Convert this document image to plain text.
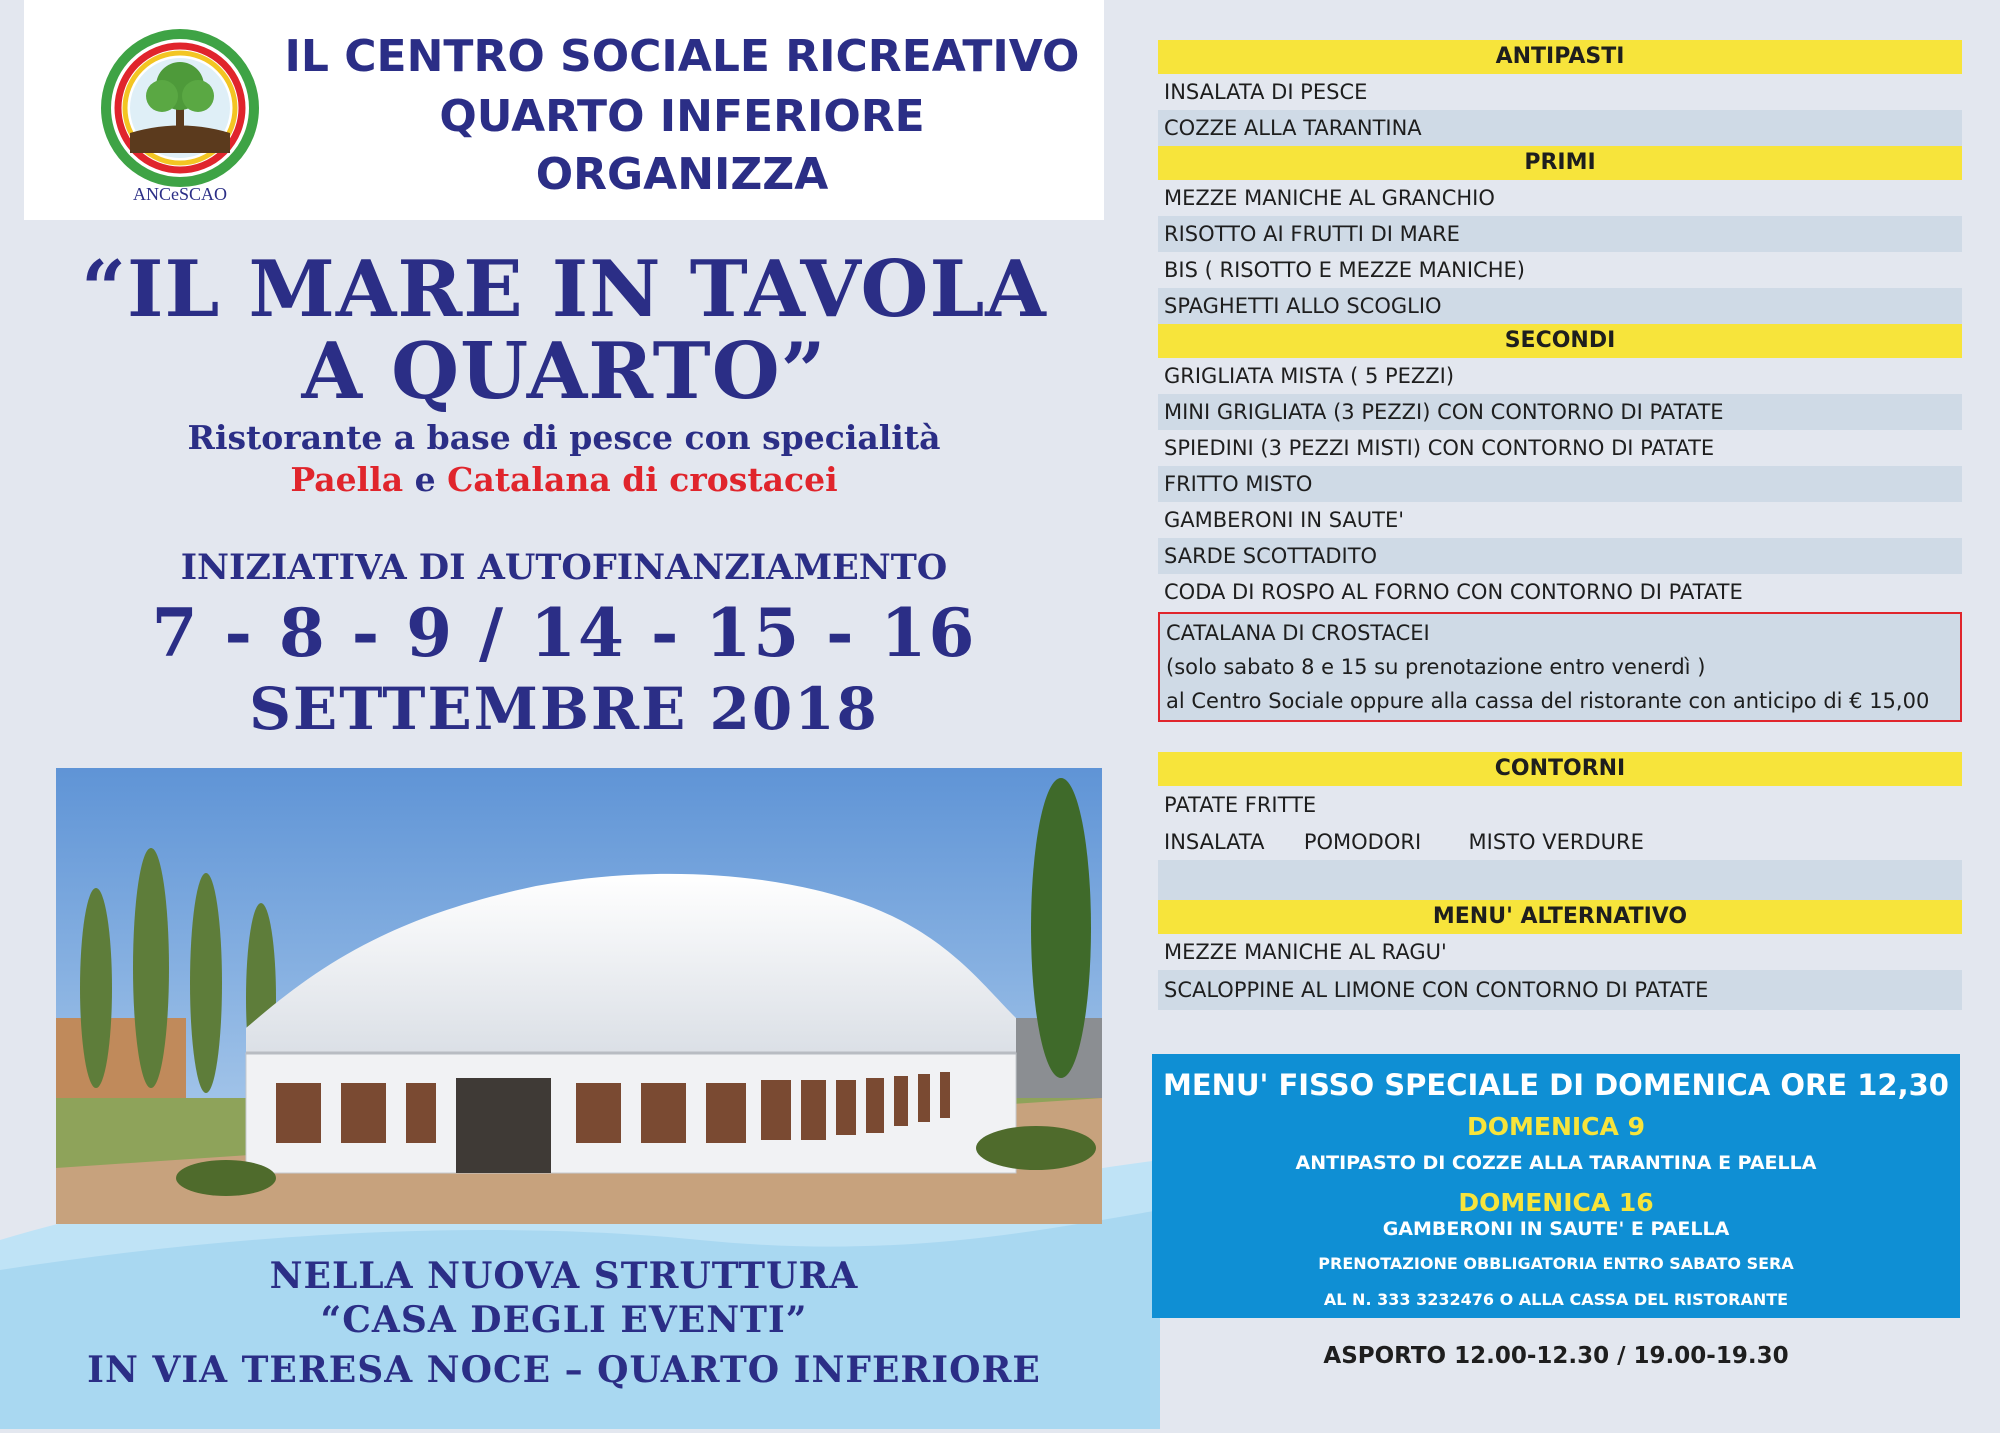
ANCeSCAO
IL CENTRO SOCIALE RICREATIVO
QUARTO INFERIORE
ORGANIZZA
“IL MARE IN TAVOLA
A QUARTO”
Ristorante a base di pesce con specialità
Paella e Catalana di crostacei
INIZIATIVA DI AUTOFINANZIAMENTO
7 - 8 - 9 / 14 - 15 - 16
SETTEMBRE 2018
NELLA NUOVA STRUTTURA
“CASA DEGLI EVENTI”
IN VIA TERESA NOCE – QUARTO INFERIORE
ANTIPASTI
INSALATA DI PESCE
COZZE ALLA TARANTINA
PRIMI
MEZZE MANICHE AL GRANCHIO
RISOTTO AI FRUTTI DI MARE
BIS ( RISOTTO E MEZZE MANICHE)
SPAGHETTI ALLO SCOGLIO
SECONDI
GRIGLIATA MISTA ( 5 PEZZI)
MINI GRIGLIATA (3 PEZZI) CON CONTORNO DI PATATE
SPIEDINI (3 PEZZI MISTI) CON CONTORNO DI PATATE
FRITTO MISTO
GAMBERONI IN SAUTE'
SARDE SCOTTADITO
CODA DI ROSPO AL FORNO CON CONTORNO DI PATATE
CATALANA DI CROSTACEI
(solo sabato 8 e 15 su prenotazione entro venerdì )
al Centro Sociale oppure alla cassa del ristorante con anticipo di € 15,00
CONTORNI
PATATE FRITTE
INSALATA POMODORI MISTO VERDURE
MENU' ALTERNATIVO
MEZZE MANICHE AL RAGU'
SCALOPPINE AL LIMONE CON CONTORNO DI PATATE
MENU' FISSO SPECIALE DI DOMENICA ORE 12,30
DOMENICA 9
ANTIPASTO DI COZZE ALLA TARANTINA E PAELLA
DOMENICA 16
GAMBERONI IN SAUTE' E PAELLA
PRENOTAZIONE OBBLIGATORIA ENTRO SABATO SERA
AL N. 333 3232476 O ALLA CASSA DEL RISTORANTE
ASPORTO 12.00-12.30 / 19.00-19.30
